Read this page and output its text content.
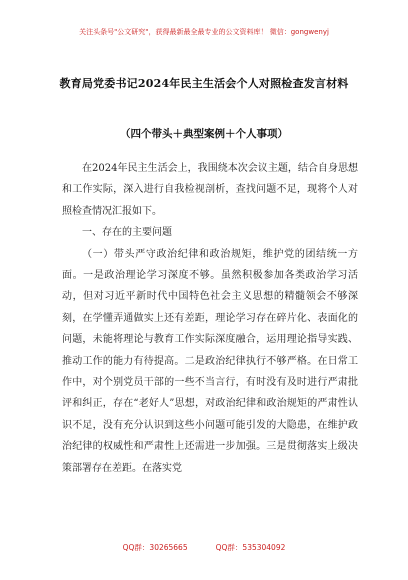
关注头条号"公文研究"，获得最新最全最专业的公文资料库！ 微信：gongwenyj
教育局党委书记2024年民主生活会个人对照检查发言材料
（四个带头＋典型案例＋个人事项）

在2024年民主生活会上，我围绕本次会议主题，结合自身思想和工作实际，深入进行自我检视剖析，查找问题不足，现将个人对照检查情况汇报如下。

一、存在的主要问题

（一）带头严守政治纪律和政治规矩，维护党的团结统一方面。一是政治理论学习深度不够。虽然积极参加各类政治学习活动，但对习近平新时代中国特色社会主义思想的精髓领会不够深刻，在学懂弄通做实上还有差距，理论学习存在碎片化、表面化的问题，未能将理论与教育工作实际深度融合，运用理论指导实践、推动工作的能力有待提高。二是政治纪律执行不够严格。在日常工作中，对个别党员干部的一些不当言行，有时没有及时进行严肃批评和纠正，存在“老好人”思想，对政治纪律和政治规矩的严肃性认识不足，没有充分认识到这些小问题可能引发的大隐患，在维护政治纪律的权威性和严肃性上还需进一步加强。三是贯彻落实上级决策部署存在差距。在落实党

QQ群：30265665	QQ群：535304092
